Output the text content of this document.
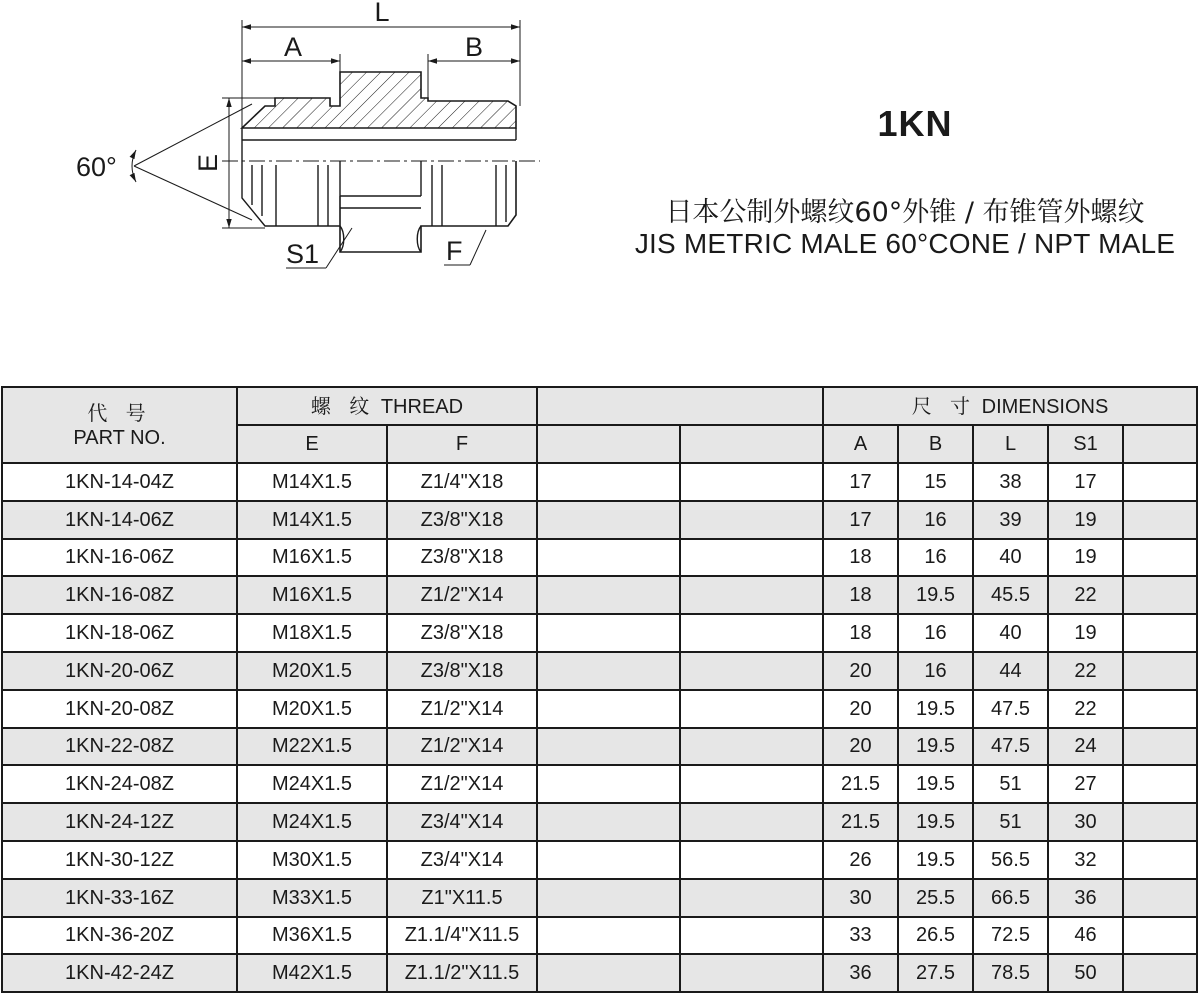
L
A	B
E
60°
S1	F
1KN
日本公制外螺纹60°外锥 / 布锥管外螺纹
JIS METRIC MALE 60°CONE / NPT MALE
代 号
PART NO.	螺 纹 THREAD				尺 寸 DIMENSIONS				
	E	F			A	B	L	S1	
1KN-14-04Z	M14X1.5	Z1/4"X18			17	15	38	17	
1KN-14-06Z	M14X1.5	Z3/8"X18			17	16	39	19	
1KN-16-06Z	M16X1.5	Z3/8"X18			18	16	40	19	
1KN-16-08Z	M16X1.5	Z1/2"X14			18	19.5	45.5	22	
1KN-18-06Z	M18X1.5	Z3/8"X18			18	16	40	19	
1KN-20-06Z	M20X1.5	Z3/8"X18			20	16	44	22	
1KN-20-08Z	M20X1.5	Z1/2"X14			20	19.5	47.5	22	
1KN-22-08Z	M22X1.5	Z1/2"X14			20	19.5	47.5	24	
1KN-24-08Z	M24X1.5	Z1/2"X14			21.5	19.5	51	27	
1KN-24-12Z	M24X1.5	Z3/4"X14			21.5	19.5	51	30	
1KN-30-12Z	M30X1.5	Z3/4"X14			26	19.5	56.5	32	
1KN-33-16Z	M33X1.5	Z1"X11.5			30	25.5	66.5	36	
1KN-36-20Z	M36X1.5	Z1.1/4"X11.5			33	26.5	72.5	46	
1KN-42-24Z	M42X1.5	Z1.1/2"X11.5			36	27.5	78.5	50	
